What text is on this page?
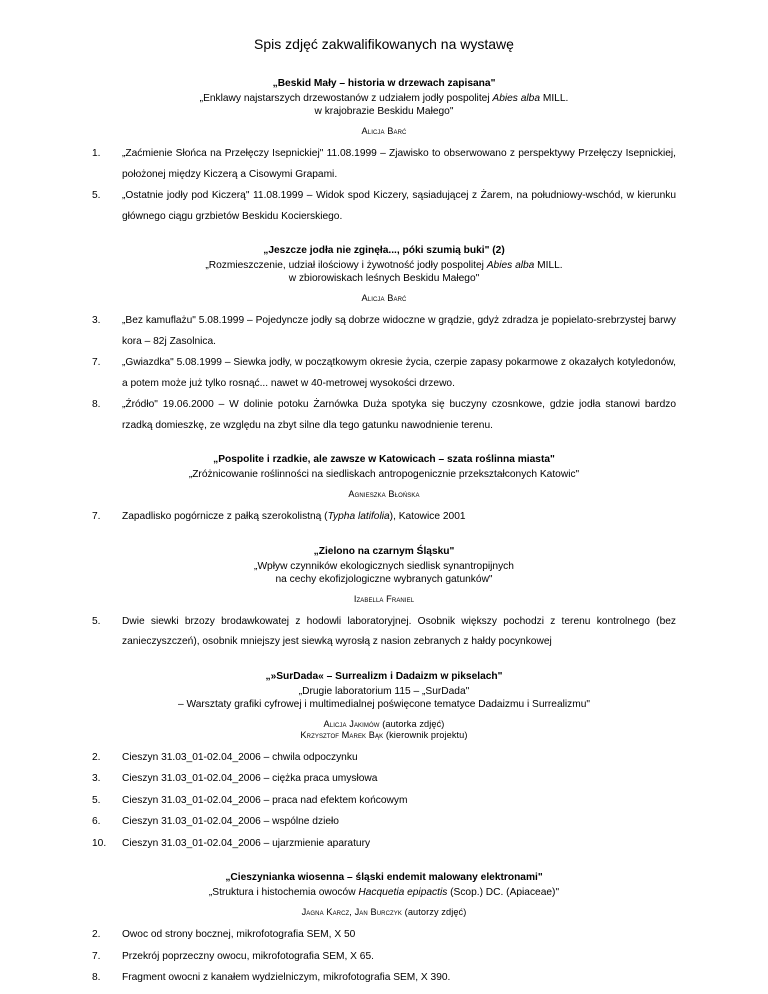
Spis zdjęć zakwalifikowanych na wystawę
„Beskid Mały – historia w drzewach zapisana"
„Enklawy najstarszych drzewostanów z udziałem jodły pospolitej Abies alba MILL.
w krajobrazie Beskidu Małego"
Alicja Barć
1.	„Zaćmienie Słońca na Przełęczy Isepnickiej" 11.08.1999 – Zjawisko to obserwowano z perspektywy Przełęczy Isepnickiej, położonej między Kiczerą a Cisowymi Grapami.
5.	„Ostatnie jodły pod Kiczerą" 11.08.1999 – Widok spod Kiczery, sąsiadującej z Żarem, na południowy-wschód, w kierunku głównego ciągu grzbietów Beskidu Kocierskiego.
„Jeszcze jodła nie zginęła..., póki szumią buki" (2)
„Rozmieszczenie, udział ilościowy i żywotność jodły pospolitej Abies alba MILL.
w zbiorowiskach leśnych Beskidu Małego"
Alicja Barć
3.	„Bez kamuflażu" 5.08.1999 – Pojedyncze jodły są dobrze widoczne w grądzie, gdyż zdradza je popielato-srebrzystej barwy kora – 82j Zasolnica.
7.	„Gwiazdka" 5.08.1999 – Siewka jodły, w początkowym okresie życia, czerpie zapasy pokarmowe z okazałych kotyledonów, a potem może już tylko rosnąć... nawet w 40-metrowej wysokości drzewo.
8.	„Źródło" 19.06.2000 – W dolinie potoku Żarnówka Duża spotyka się buczyny czosnkowe, gdzie jodła stanowi bardzo rzadką domieszkę, ze względu na zbyt silne dla tego gatunku nawodnienie terenu.
„Pospolite i rzadkie, ale zawsze w Katowicach – szata roślinna miasta"
„Zróżnicowanie roślinności na siedliskach antropogenicznie przekształconych Katowic"
Agnieszka Błońska
7.	Zapadlisko pogórnicze z pałką szerokolistną (Typha latifolia), Katowice 2001
„Zielono na czarnym Śląsku"
„Wpływ czynników ekologicznych siedlisk synantropijnych
na cechy ekofizjologiczne wybranych gatunków"
Izabella Franiel
5.	Dwie siewki brzozy brodawkowatej z hodowli laboratoryjnej. Osobnik większy pochodzi z terenu kontrolnego (bez zanieczyszczeń), osobnik mniejszy jest siewką wyrosłą z nasion zebranych z hałdy pocynkowej
„»SurDada« – Surrealizm i Dadaizm w pikselach"
„Drugie laboratorium 115 – „SurDada"
– Warsztaty grafiki cyfrowej i multimedialnej poświęcone tematyce Dadaizmu i Surrealizmu"
Alicja Jakimów (autorka zdjęć)
Krzysztof Marek Bąk (kierownik projektu)
2.	Cieszyn 31.03_01-02.04_2006 – chwila odpoczynku
3.	Cieszyn 31.03_01-02.04_2006 – ciężka praca umysłowa
5.	Cieszyn 31.03_01-02.04_2006 – praca nad efektem końcowym
6.	Cieszyn 31.03_01-02.04_2006 – wspólne dzieło
10.	Cieszyn 31.03_01-02.04_2006 – ujarzmienie aparatury
„Cieszynianka wiosenna – śląski endemit malowany elektronami"
„Struktura i histochemia owoców Hacquetia epipactis (Scop.) DC. (Apiaceae)"
Jagna Karcz, Jan Burczyk (autorzy zdjęć)
2.	Owoc od strony bocznej, mikrofotografia SEM, X 50
7.	Przekrój poprzeczny owocu, mikrofotografia SEM, X 65.
8.	Fragment owocni z kanałem wydzielniczym, mikrofotografia SEM, X 390.
